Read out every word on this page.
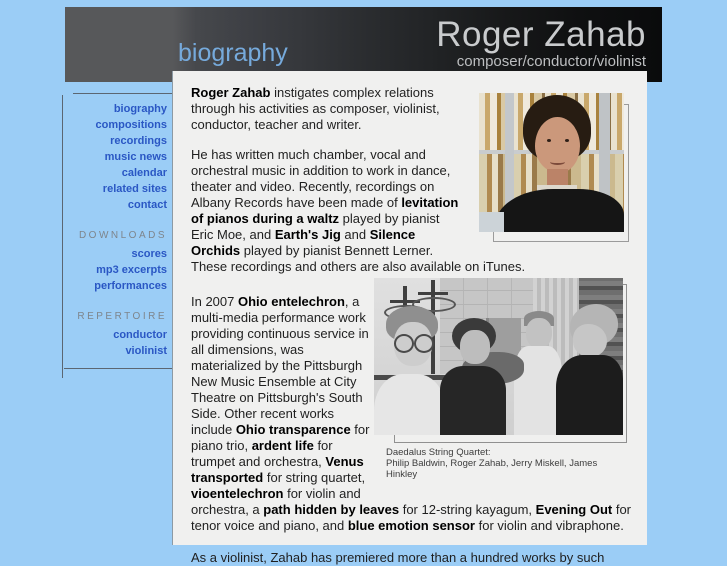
Roger Zahab
composer/conductor/violinist
biography
biography
compositions
recordings
music news
calendar
related sites
contact
DOWNLOADS
scores
mp3 excerpts
performances
REPERTOIRE
conductor
violinist

Roger Zahab instigates complex relations through his activities as composer, violinist, conductor, teacher and writer.

He has written much chamber, vocal and orchestral music in addition to work in dance, theater and video. Recently, recordings on Albany Records have been made of levitation of pianos during a waltz played by pianist Eric Moe, and Earth's Jig and Silence Orchids played by pianist Bennett Lerner. These recordings and others are also available on iTunes.

Daedalus String Quartet:
Philip Baldwin, Roger Zahab, Jerry Miskell, James Hinkley

In 2007 Ohio entelechron, a multi-media performance work providing continuous service in all dimensions, was materialized by the Pittsburgh New Music Ensemble at City Theatre on Pittsburgh's South Side. Other recent works include Ohio transparence for piano trio, ardent life for trumpet and orchestra, Venus transported for string quartet, vioentelechron for violin and orchestra, a path hidden by leaves for 12-string kayagum, Evening Out for tenor voice and piano, and blue emotion sensor for violin and vibraphone.

As a violinist, Zahab has premiered more than a hundred works by such
